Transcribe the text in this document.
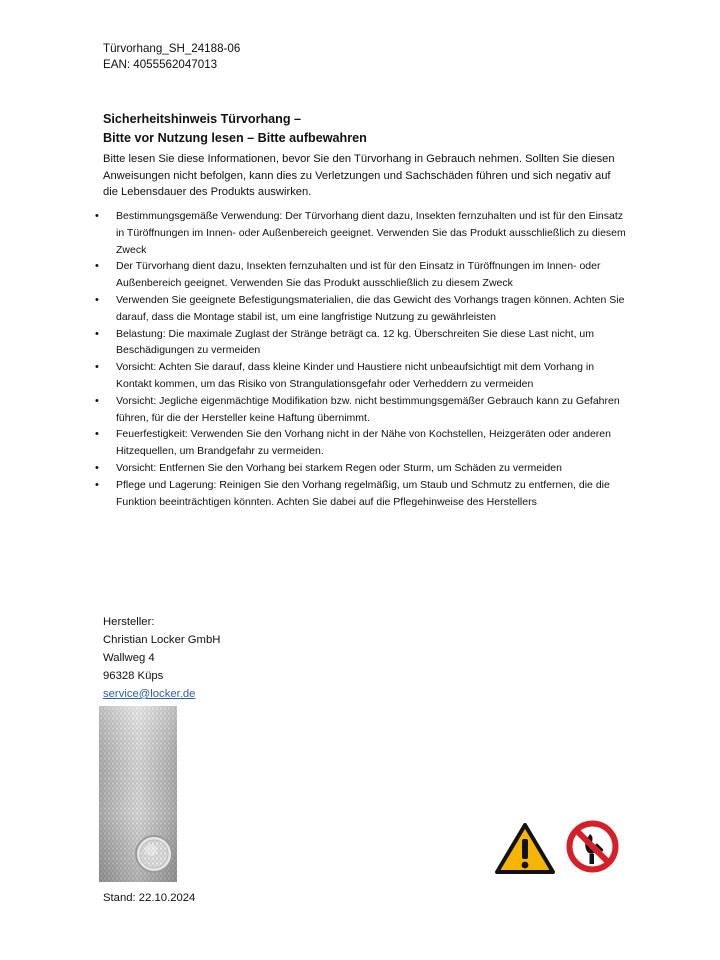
Türvorhang_SH_24188-06
EAN: 4055562047013
Sicherheitshinweis Türvorhang –
Bitte vor Nutzung lesen – Bitte aufbewahren
Bitte lesen Sie diese Informationen, bevor Sie den Türvorhang in Gebrauch nehmen. Sollten Sie diesen Anweisungen nicht befolgen, kann dies zu Verletzungen und Sachschäden führen und sich negativ auf die Lebensdauer des Produkts auswirken.
• Bestimmungsgemäße Verwendung: Der Türvorhang dient dazu, Insekten fernzuhalten und ist für den Einsatz in Türöffnungen im Innen- oder Außenbereich geeignet. Verwenden Sie das Produkt ausschließlich zu diesem Zweck
• Der Türvorhang dient dazu, Insekten fernzuhalten und ist für den Einsatz in Türöffnungen im Innen- oder Außenbereich geeignet. Verwenden Sie das Produkt ausschließlich zu diesem Zweck
• Verwenden Sie geeignete Befestigungsmaterialien, die das Gewicht des Vorhangs tragen können. Achten Sie darauf, dass die Montage stabil ist, um eine langfristige Nutzung zu gewährleisten
• Belastung: Die maximale Zuglast der Stränge beträgt ca. 12 kg. Überschreiten Sie diese Last nicht, um Beschädigungen zu vermeiden
• Vorsicht: Achten Sie darauf, dass kleine Kinder und Haustiere nicht unbeaufsichtigt mit dem Vorhang in Kontakt kommen, um das Risiko von Strangulationsgefahr oder Verheddern zu vermeiden
• Vorsicht: Jegliche eigenmächtige Modifikation bzw. nicht bestimmungsgemäßer Gebrauch kann zu Gefahren führen, für die der Hersteller keine Haftung übernimmt.
• Feuerfestigkeit: Verwenden Sie den Vorhang nicht in der Nähe von Kochstellen, Heizgeräten oder anderen Hitzequellen, um Brandgefahr zu vermeiden.
• Vorsicht: Entfernen Sie den Vorhang bei starkem Regen oder Sturm, um Schäden zu vermeiden
• Pflege und Lagerung: Reinigen Sie den Vorhang regelmäßig, um Staub und Schmutz zu entfernen, die die Funktion beeinträchtigen könnten. Achten Sie dabei auf die Pflegehinweise des Herstellers
Hersteller:
Christian Locker GmbH
Wallweg 4
96328 Küps
service@locker.de
Stand: 22.10.2024
